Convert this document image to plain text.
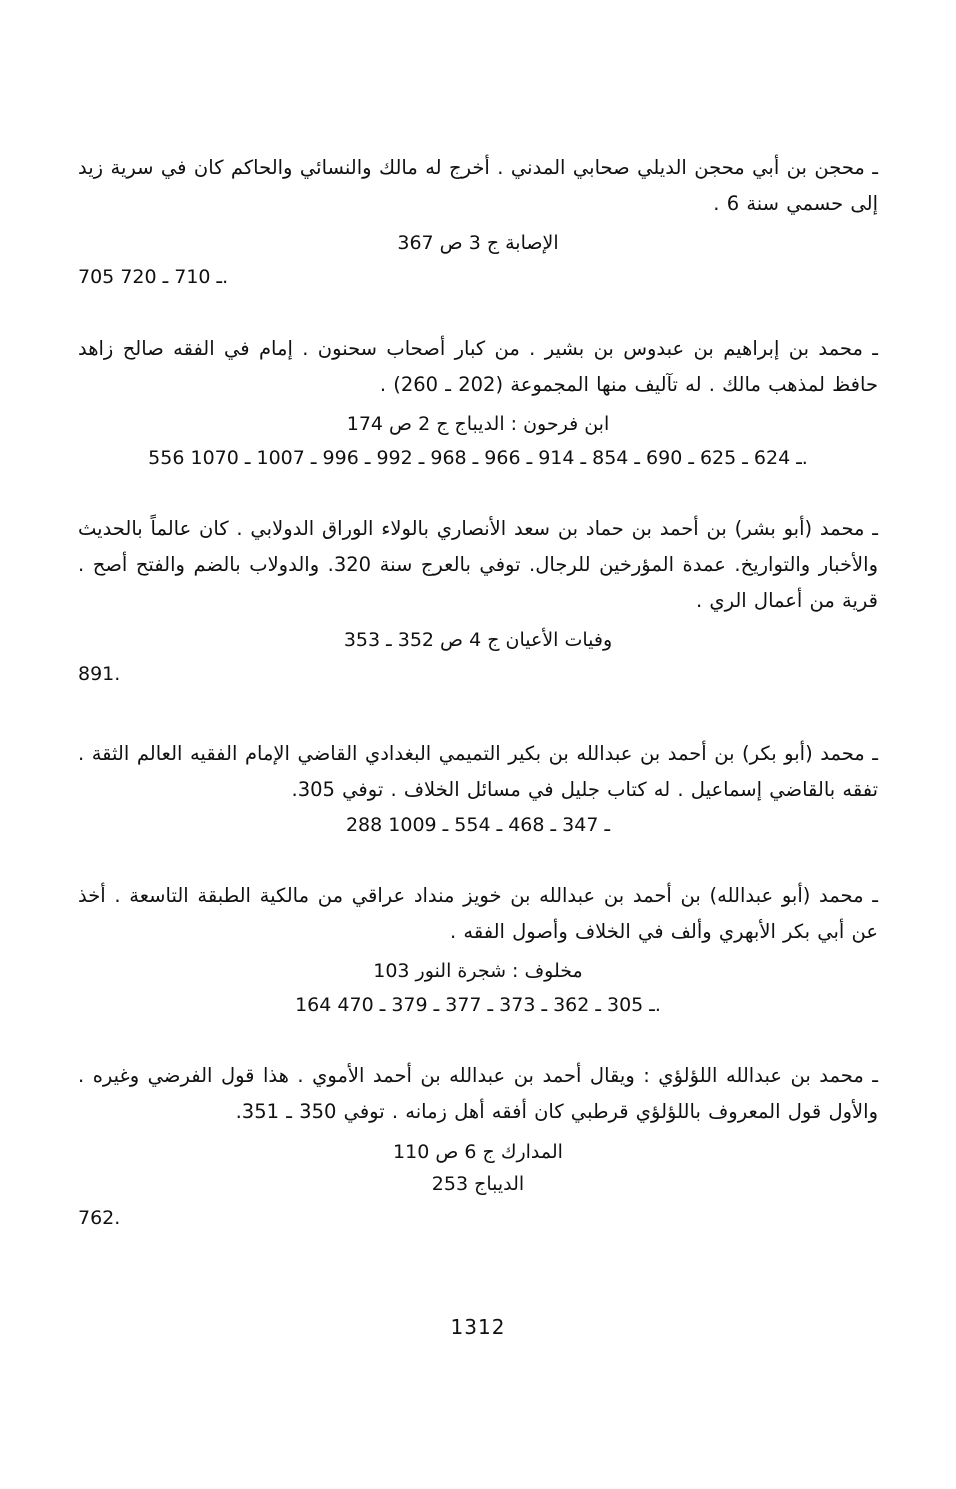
ـ محجن بن أبي محجن الديلي صحابي المدني . أخرج له مالك والنسائي والحاكم كان في سرية زيد إلى حسمي سنة 6 .
الإصابة ج 3 ص 367
705 ـ 710 ـ 720.
ـ محمد بن إبراهيم بن عبدوس بن بشير . من كبار أصحاب سحنون . إمام في الفقه صالح زاهد حافظ لمذهب مالك . له تآليف منها المجموعة (202 ـ 260) .
ابن فرحون : الديباج ج 2 ص 174
556 ـ 624 ـ 625 ـ 690 ـ 854 ـ 914 ـ 966 ـ 968 ـ 992 ـ 996 ـ 1007 ـ 1070.
ـ محمد (أبو بشر) بن أحمد بن حماد بن سعد الأنصاري بالولاء الوراق الدولابي . كان عالماً بالحديث والأخبار والتواريخ. عمدة المؤرخين للرجال. توفي بالعرج سنة 320. والدولاب بالضم والفتح أصح . قرية من أعمال الري .
وفيات الأعيان ج 4 ص 352 ـ 353
891.
ـ محمد (أبو بكر) بن أحمد بن عبدالله بن بكير التميمي البغدادي القاضي الإمام الفقيه العالم الثقة . تفقه بالقاضي إسماعيل . له كتاب جليل في مسائل الخلاف . توفي 305.
288 ـ 347 ـ 468 ـ 554 ـ 1009
ـ محمد (أبو عبدالله) بن أحمد بن عبدالله بن خويز منداد عراقي من مالكية الطبقة التاسعة . أخذ عن أبي بكر الأبهري وألف في الخلاف وأصول الفقه .
مخلوف : شجرة النور 103
164 ـ 305 ـ 362 ـ 373 ـ 377 ـ 379 ـ 470.
ـ محمد بن عبدالله اللؤلؤي : ويقال أحمد بن عبدالله بن أحمد الأموي . هذا قول الفرضي وغيره . والأول قول المعروف باللؤلؤي قرطبي كان أفقه أهل زمانه . توفي 350 ـ 351.
المدارك ج 6 ص 110
الديباج 253
762.
1312
